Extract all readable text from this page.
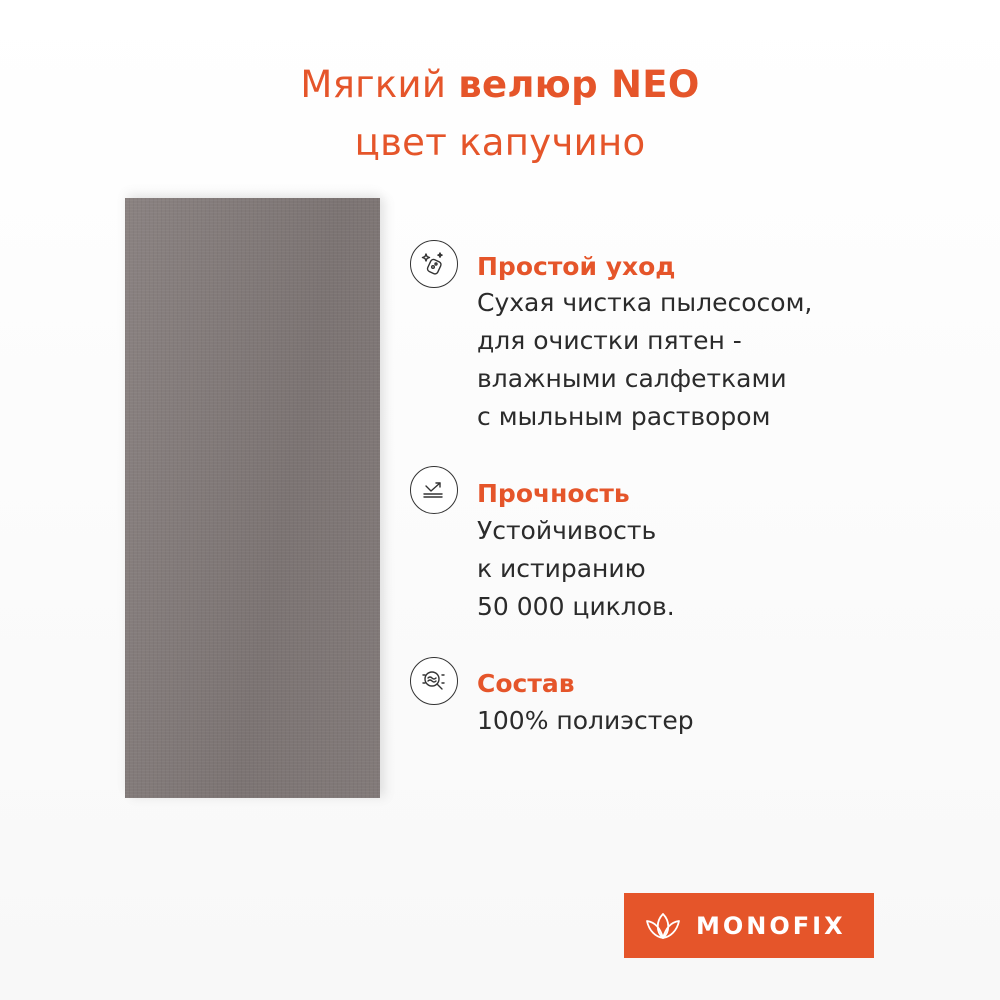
Мягкий велюр NEO
цвет капучино
Простой уход
Сухая чистка пылесосом,
для очистки пятен -
влажными салфетками
с мыльным раствором
Прочность
Устойчивость
к истиранию
50 000 циклов.
Состав
100% полиэстер
MONOFIX
